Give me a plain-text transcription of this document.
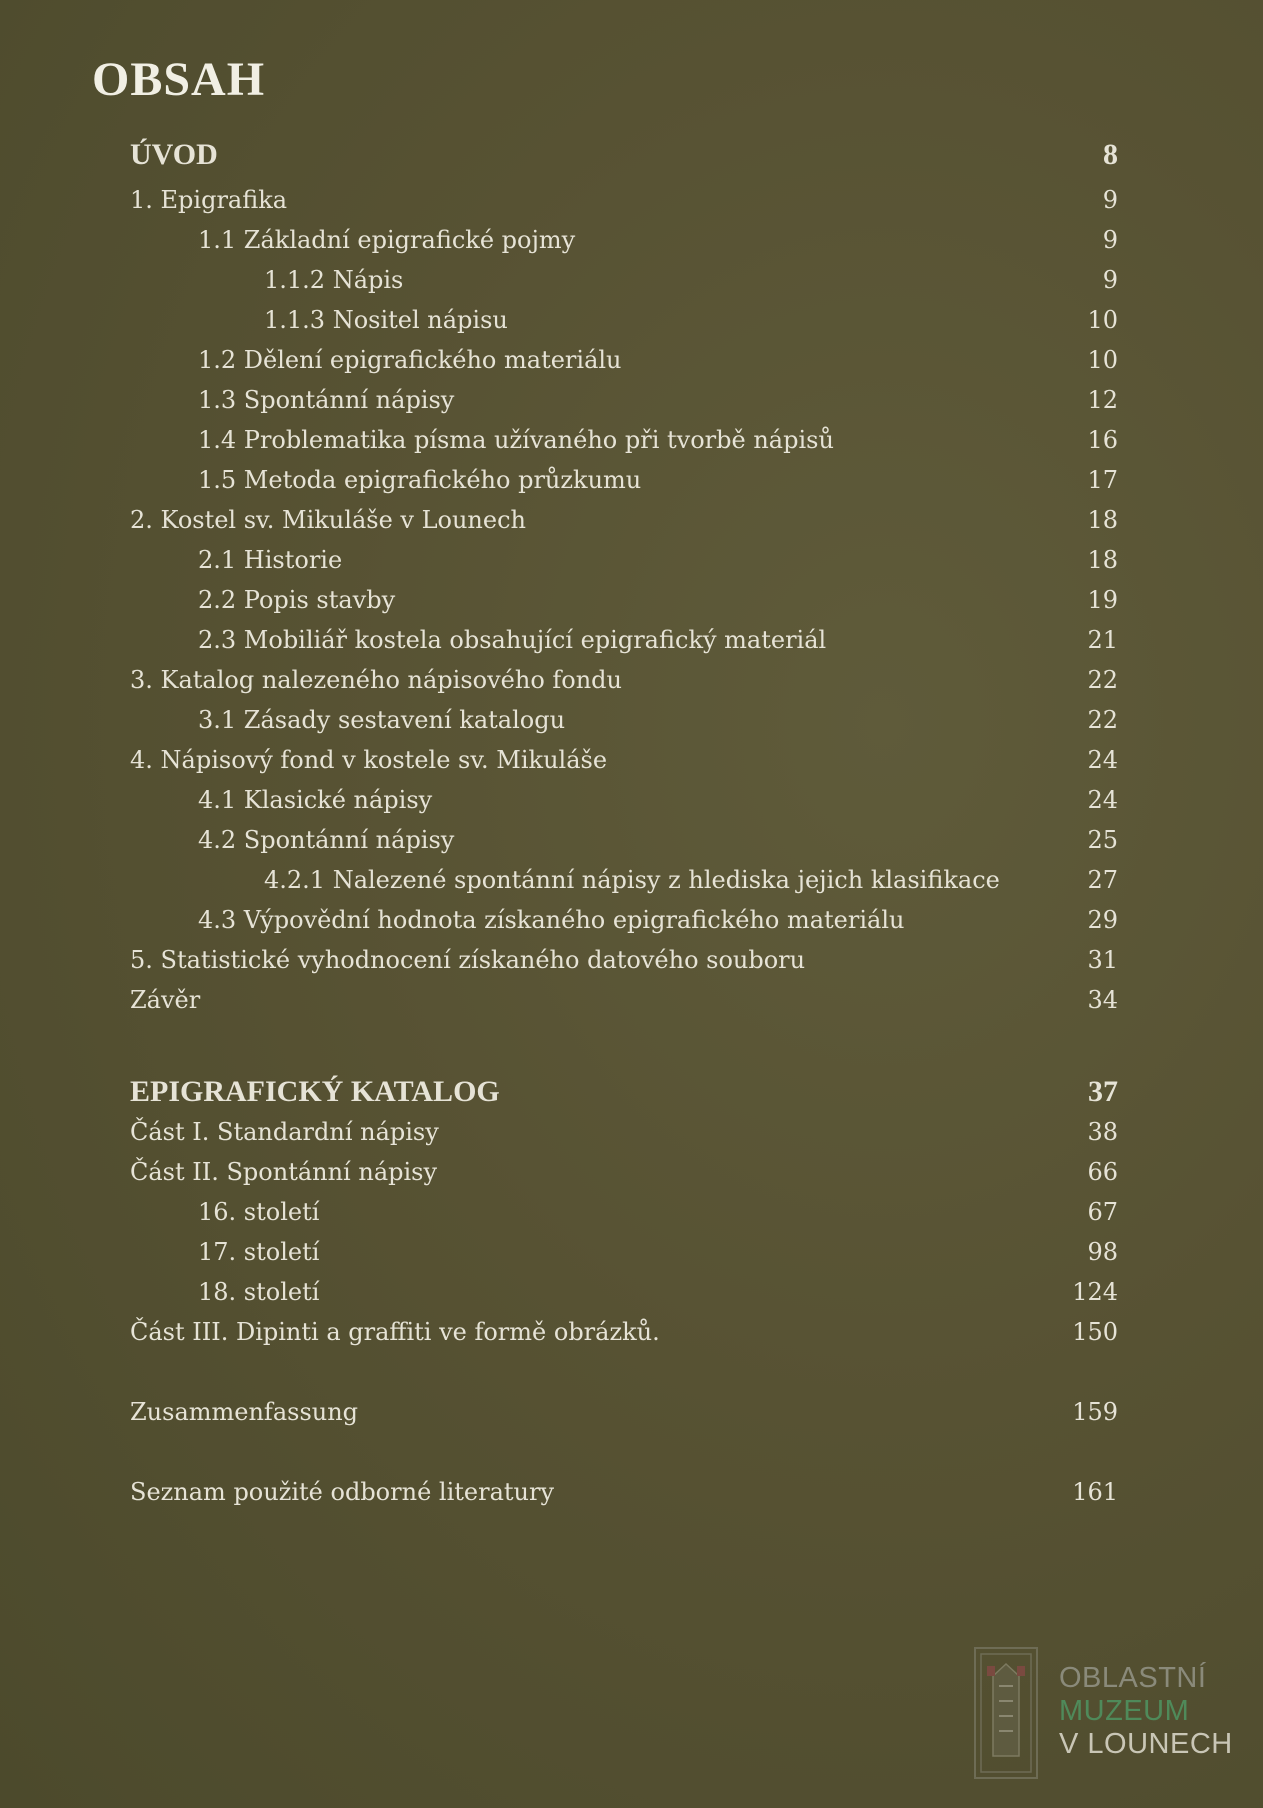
OBSAH
ÚVOD	8
1. Epigrafika	9
1.1 Základní epigrafické pojmy	9
1.1.2 Nápis	9
1.1.3 Nositel nápisu	10
1.2 Dělení epigrafického materiálu	10
1.3 Spontánní nápisy	12
1.4 Problematika písma užívaného při tvorbě nápisů	16
1.5 Metoda epigrafického průzkumu	17
2. Kostel sv. Mikuláše v Lounech	18
2.1 Historie	18
2.2 Popis stavby	19
2.3 Mobiliář kostela obsahující epigrafický materiál	21
3. Katalog nalezeného nápisového fondu	22
3.1 Zásady sestavení katalogu	22
4. Nápisový fond v kostele sv. Mikuláše	24
4.1 Klasické nápisy	24
4.2 Spontánní nápisy	25
4.2.1 Nalezené spontánní nápisy z hlediska jejich klasifikace	27
4.3 Výpovědní hodnota získaného epigrafického materiálu	29
5. Statistické vyhodnocení získaného datového souboru	31
Závěr	34
EPIGRAFICKÝ KATALOG	37
Část I. Standardní nápisy	38
Část II. Spontánní nápisy	66
16. století	67
17. století	98
18. století	124
Část III. Dipinti a graffiti ve formě obrázků.	150
Zusammenfassung	159
Seznam použité odborné literatury	161
OBLASTNÍ
MUZEUM
V LOUNECH
